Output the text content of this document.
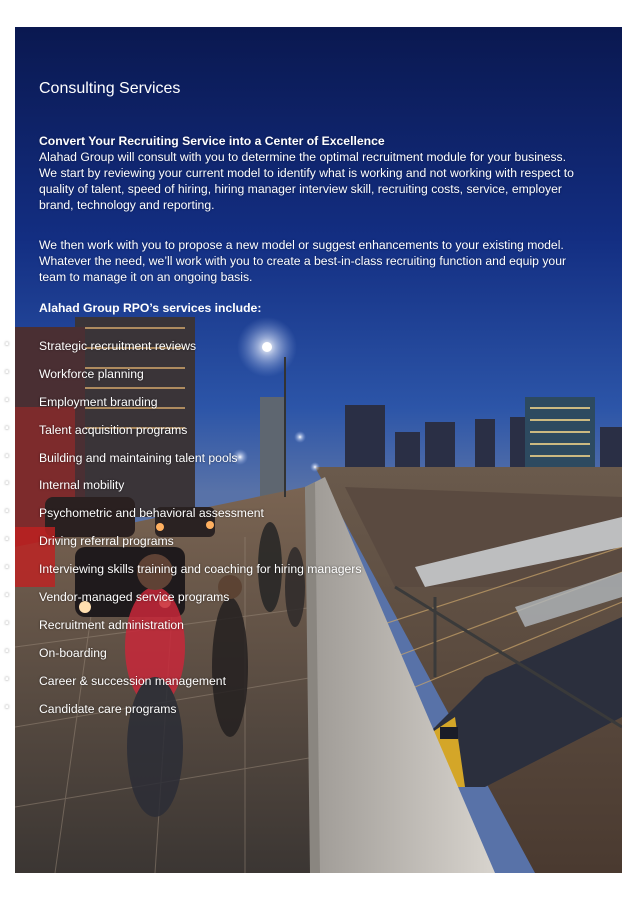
Consulting Services

Convert Your Recruiting Service into a Center of Excellence
Alahad Group will consult with you to determine the optimal recruitment module for your business. We start by reviewing your current model to identify what is working and not working with respect to quality of talent, speed of hiring, hiring manager interview skill, recruiting costs, service, employer brand, technology and reporting.

We then work with you to propose a new model or suggest enhancements to your existing model. Whatever the need, we’ll work with you to create a best-in-class recruiting function and equip your team to manage it on an ongoing basis.

Alahad Group RPO’s services include:
▪ Strategic recruitment reviews
▪ Workforce planning
▪ Employment branding
▪ Talent acquisition programs
▪ Building and maintaining talent pools
▪ Internal mobility
▪ Psychometric and behavioral assessment
▪ Driving referral programs
▪ Interviewing skills training and coaching for hiring managers
▪ Vendor-managed service programs
▪ Recruitment administration
▪ On-boarding
▪ Career & succession management
▪ Candidate care programs
